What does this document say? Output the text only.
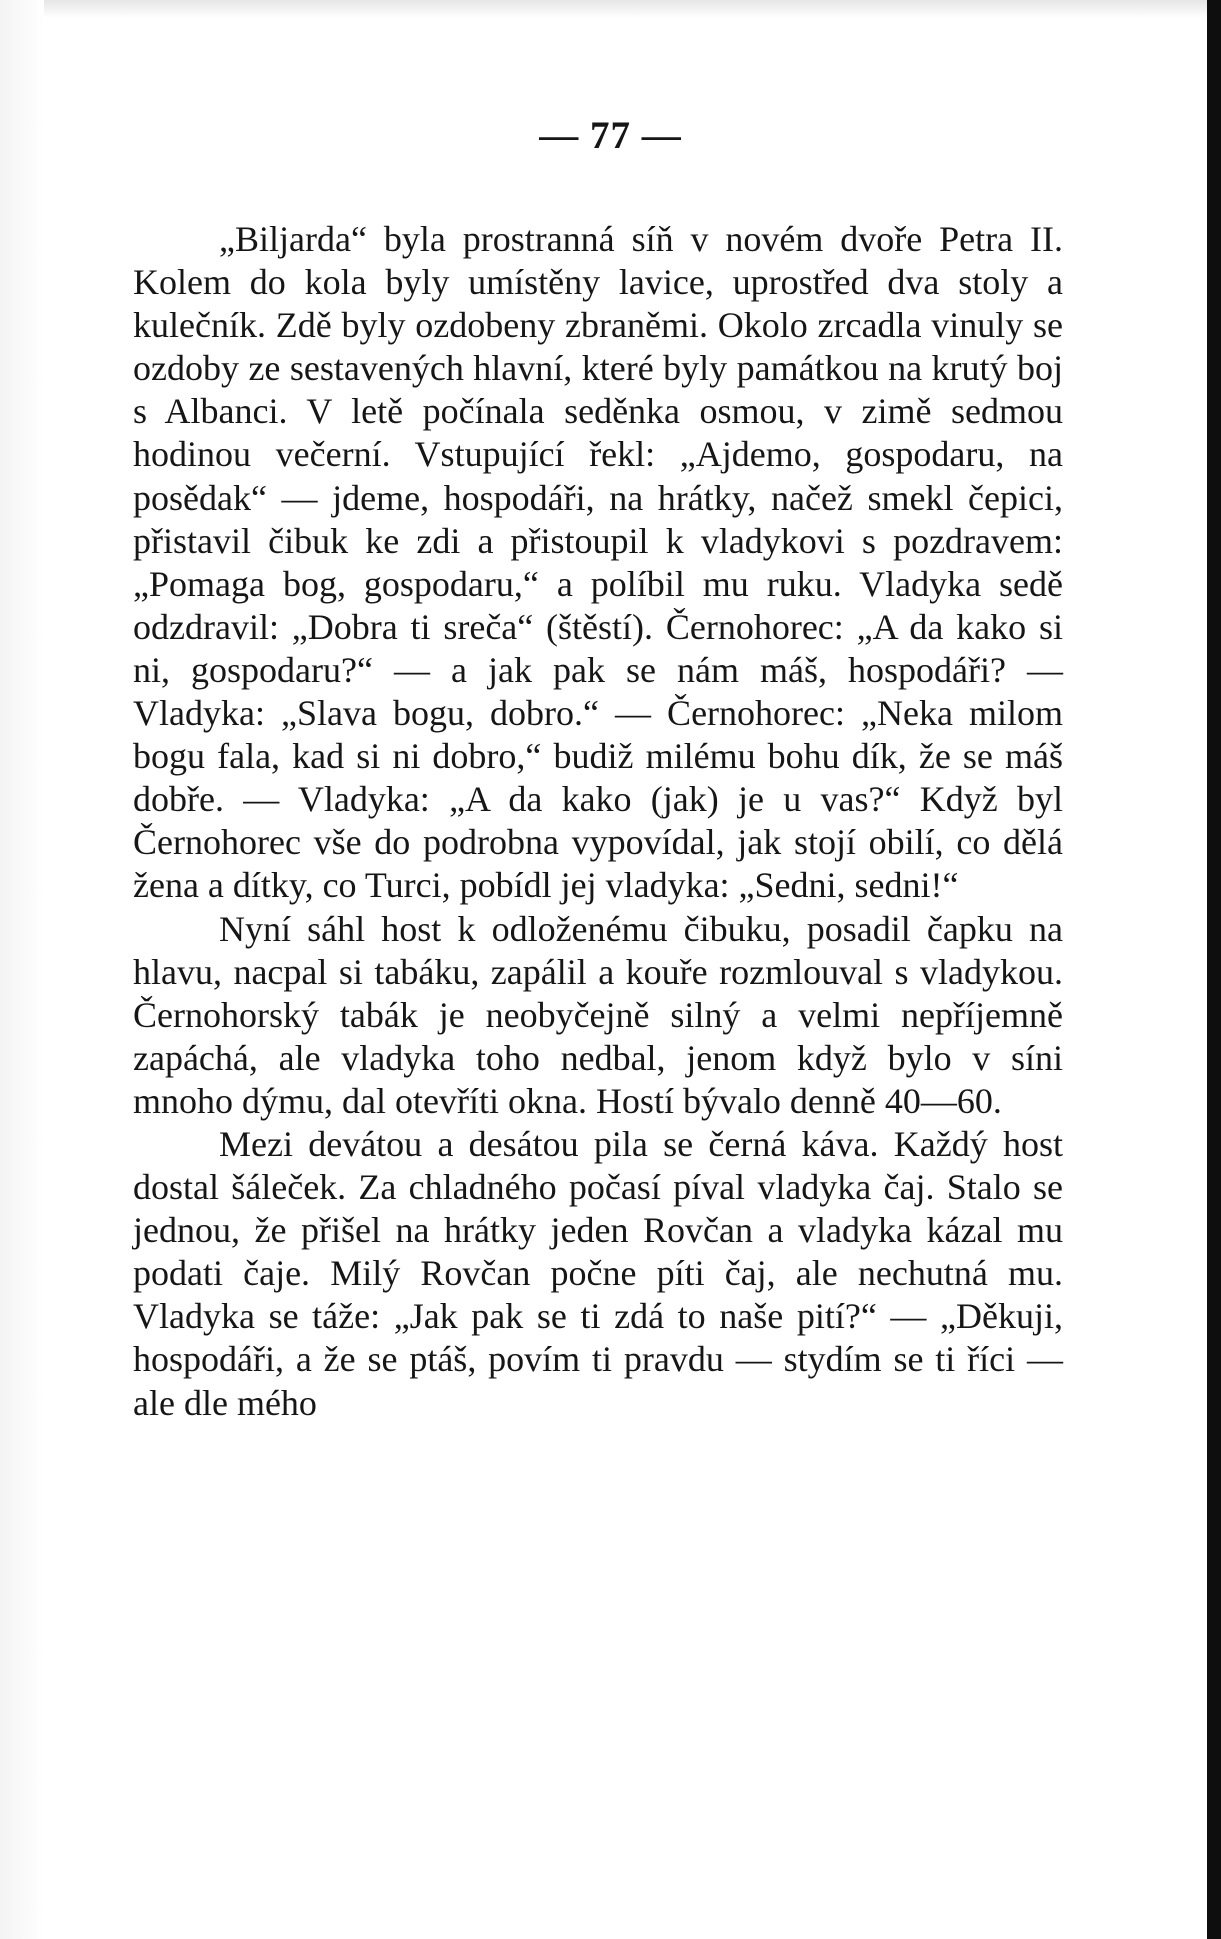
— 77 —

„Biljarda“ byla prostranná síň v novém dvoře Petra II. Kolem do kola byly umístěny lavice, uprostřed dva stoly a kulečník. Zdě byly ozdobeny zbraněmi. Okolo zrcadla vinuly se ozdoby ze sestavených hlavní, které byly památkou na krutý boj s Albanci. V letě počínala seděnka osmou, v zimě sedmou hodinou večerní. Vstupující řekl: „Ajdemo, gospodaru, na posědak“ — jdeme, hospodáři, na hrátky, načež smekl čepici, přistavil čibuk ke zdi a přistoupil k vladykovi s pozdravem: „Pomaga bog, gospodaru,“ a políbil mu ruku. Vladyka sedě odzdravil: „Dobra ti sreča“ (štěstí). Černohorec: „A da kako si ni, gospodaru?“ — a jak pak se nám máš, hospodáři? — Vladyka: „Slava bogu, dobro.“ — Černohorec: „Neka milom bogu fala, kad si ni dobro,“ budiž milému bohu dík, že se máš dobře. — Vladyka: „A da kako (jak) je u vas?“ Když byl Černohorec vše do podrobna vypovídal, jak stojí obilí, co dělá žena a dítky, co Turci, pobídl jej vladyka: „Sedni, sedni!“

Nyní sáhl host k odloženému čibuku, posadil čapku na hlavu, nacpal si tabáku, zapálil a kouře rozmlouval s vladykou. Černohorský tabák je neobyčejně silný a velmi nepříjemně zapáchá, ale vladyka toho nedbal, jenom když bylo v síni mnoho dýmu, dal otevříti okna. Hostí bývalo denně 40—60.

Mezi devátou a desátou pila se černá káva. Každý host dostal šáleček. Za chladného počasí píval vladyka čaj. Stalo se jednou, že přišel na hrátky jeden Rovčan a vladyka kázal mu podati čaje. Milý Rovčan počne píti čaj, ale nechutná mu. Vladyka se táže: „Jak pak se ti zdá to naše pití?“ — „Děkuji, hospodáři, a že se ptáš, povím ti pravdu — stydím se ti říci — ale dle mého
